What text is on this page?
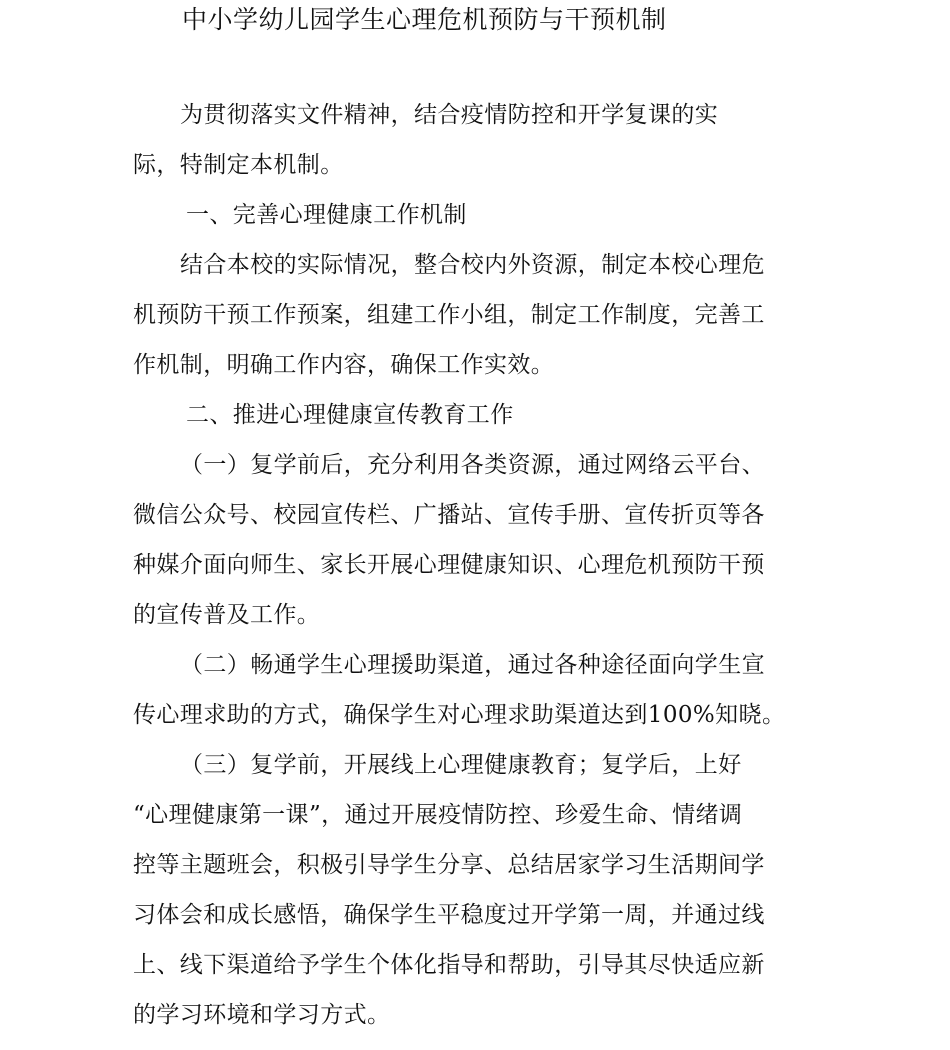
中小学幼儿园学生心理危机预防与干预机制
为贯彻落实文件精神，结合疫情防控和开学复课的实
际，特制定本机制。
一、完善心理健康工作机制
结合本校的实际情况，整合校内外资源，制定本校心理危
机预防干预工作预案，组建工作小组，制定工作制度，完善工
作机制，明确工作内容，确保工作实效。
二、推进心理健康宣传教育工作
（一）复学前后，充分利用各类资源，通过网络云平台、
微信公众号、校园宣传栏、广播站、宣传手册、宣传折页等各
种媒介面向师生、家长开展心理健康知识、心理危机预防干预
的宣传普及工作。
（二）畅通学生心理援助渠道，通过各种途径面向学生宣
传心理求助的方式，确保学生对心理求助渠道达到100%知晓。
（三）复学前，开展线上心理健康教育；复学后，上好
“心理健康第一课”，通过开展疫情防控、珍爱生命、情绪调
控等主题班会，积极引导学生分享、总结居家学习生活期间学
习体会和成长感悟，确保学生平稳度过开学第一周，并通过线
上、线下渠道给予学生个体化指导和帮助，引导其尽快适应新
的学习环境和学习方式。
